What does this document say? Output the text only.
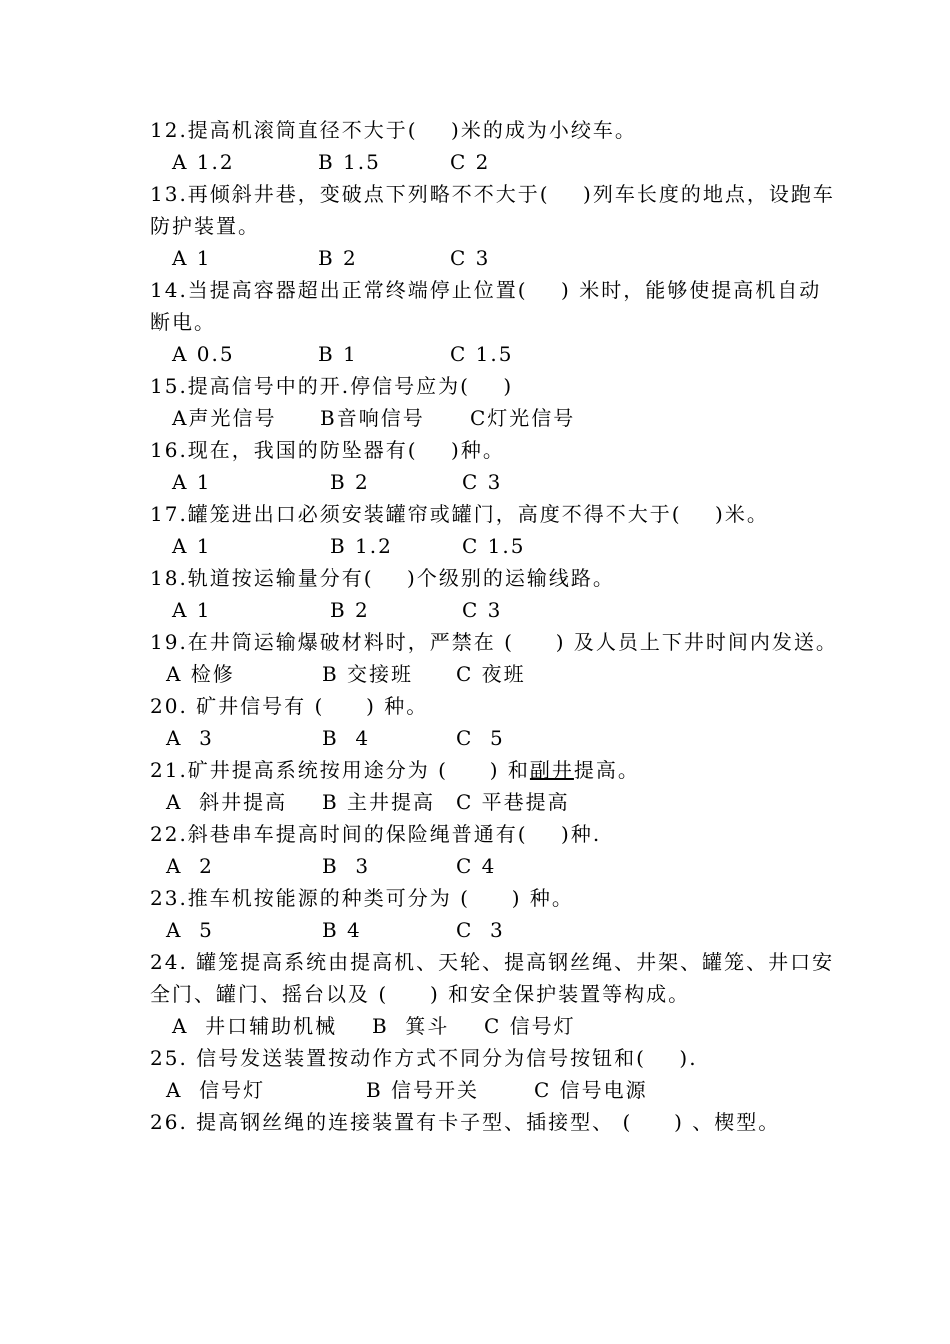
12.提高机滚筒直径不大于(    )米的成为小绞车。
A 1.2	B 1.5	C 2
13.再倾斜井巷，变破点下列略不不大于(    )列车长度的地点，设跑车
防护装置。
A 1	B 2	C 3
14.当提高容器超出正常终端停止位置(    ) 米时，能够使提高机自动
断电。
A 0.5	B 1	C 1.5
15.提高信号中的开.停信号应为(    )
A声光信号 B音响信号 C灯光信号
16.现在，我国的防坠器有(    )种。
A 1	B 2	C 3
17.罐笼进出口必须安装罐帘或罐门，高度不得不大于(    )米。
A 1	B 1.2	C 1.5
18.轨道按运输量分有(    )个级别的运输线路。
A 1	B 2	C 3
19.在井筒运输爆破材料时，严禁在 (     ) 及人员上下井时间内发送。
A 检修	B 交接班 C 夜班
20. 矿井信号有 (     ) 种。
A  3	B  4	C  5
21.矿井提高系统按用途分为 (     ) 和副井提高。
A  斜井提高 B 主井提高 C 平巷提高
22.斜巷串车提高时间的保险绳普通有(    )种.
A  2	B  3	C 4
23.推车机按能源的种类可分为 (     ) 种。
A  5	B 4	C  3
24. 罐笼提高系统由提高机、天轮、提高钢丝绳、井架、罐笼、井口安
全门、罐门、摇台以及 (     ) 和安全保护装置等构成。
A  井口辅助机械 B  箕斗 C 信号灯
25. 信号发送装置按动作方式不同分为信号按钮和(    ).
A  信号灯	B 信号开关	C 信号电源
26. 提高钢丝绳的连接装置有卡子型、插接型、 (     ) 、楔型。
